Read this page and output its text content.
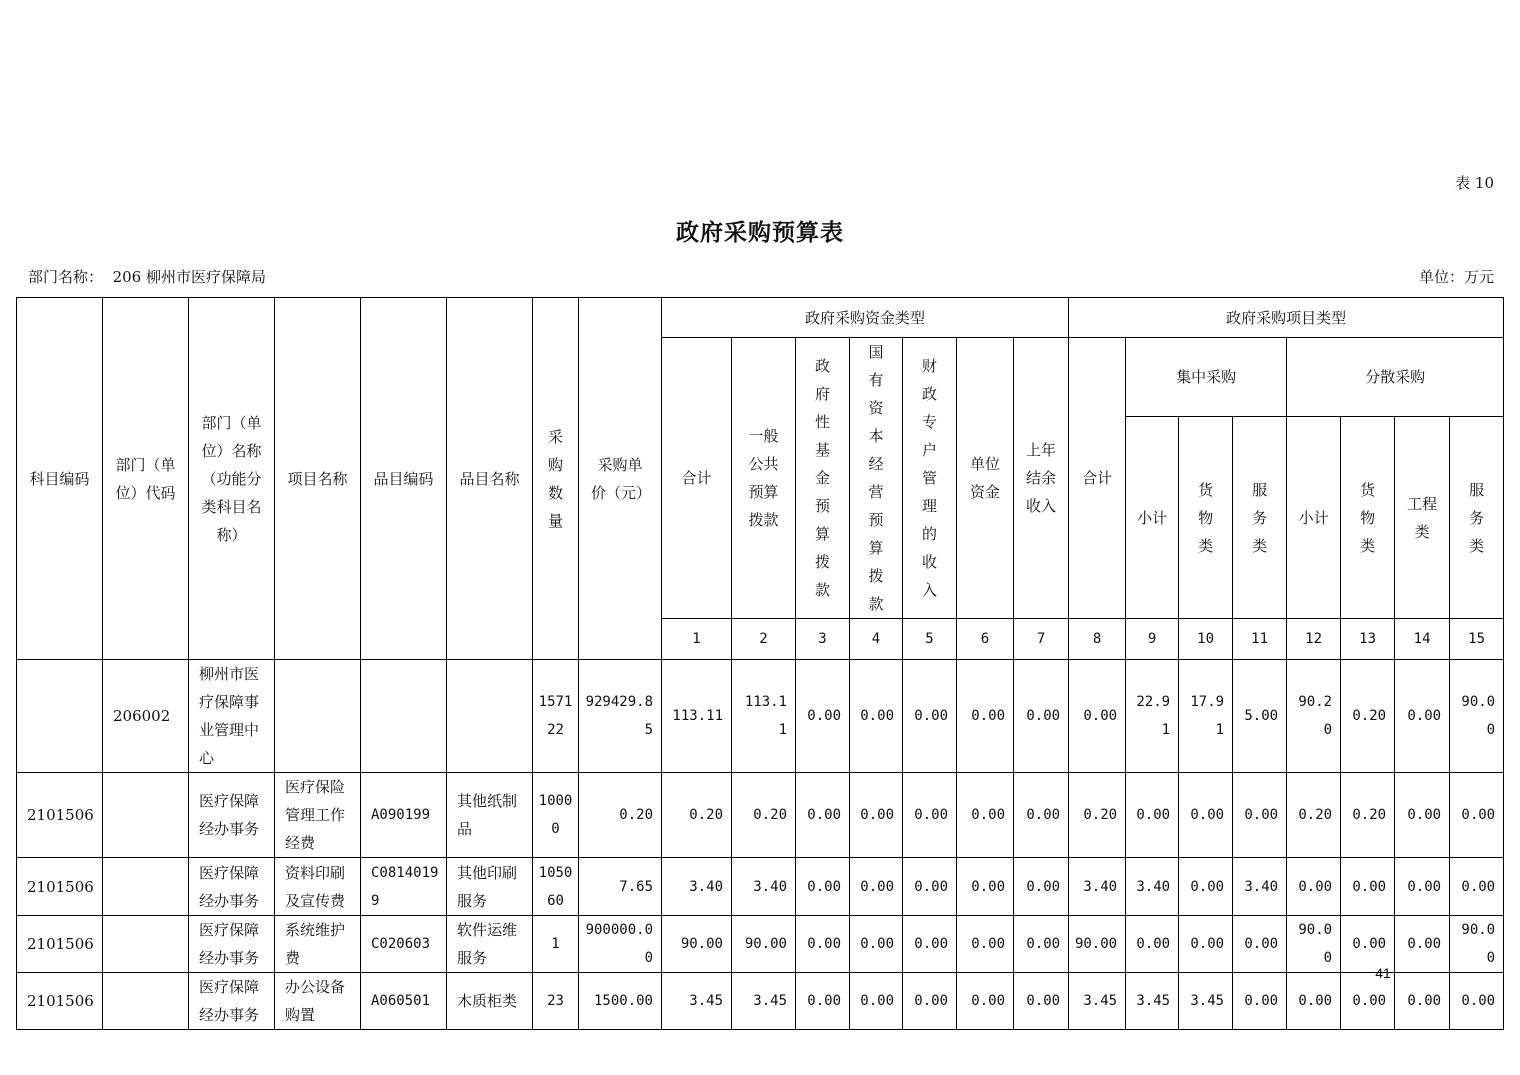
表 10
政府采购预算表
部门名称： 206 柳州市医疗保障局	单位：万元
科目编码	部门（单位）代码	部门（单位）名称（功能分类科目名称）	项目名称	品目编码	品目名称	采购数量	采购单价（元）	政府采购资金类型							政府采购项目类型							
								合计	一般公共预算拨款	政府性基金预算拨款	国有资本经营预算拨款	财政专户管理的收入	单位资金	上年结余收入	合计	集中采购			分散采购			
																小计	货物类	服务类	小计	货物类	工程类	服务类
								1	2	3	4	5	6	7	8	9	10	11	12	13	14	15
	206002	柳州市医疗保障事业管理中心				157122	929429.85	113.11	113.11	0.00	0.00	0.00	0.00	0.00	0.00	22.91	17.91	5.00	90.20	0.20	0.00	90.00
2101506		医疗保障经办事务	医疗保险管理工作经费	A090199	其他纸制品	10000	0.20	0.20	0.20	0.00	0.00	0.00	0.00	0.00	0.20	0.00	0.00	0.00	0.20	0.20	0.00	0.00
2101506		医疗保障经办事务	资料印刷及宣传费	C08140199	其他印刷服务	105060	7.65	3.40	3.40	0.00	0.00	0.00	0.00	0.00	3.40	3.40	0.00	3.40	0.00	0.00	0.00	0.00
2101506		医疗保障经办事务	系统维护费	C020603	软件运维服务	1	900000.00	90.00	90.00	0.00	0.00	0.00	0.00	0.00	90.00	0.00	0.00	0.00	90.00	0.00	0.00	90.00
2101506		医疗保障经办事务	办公设备购置	A060501	木质柜类	23	1500.00	3.45	3.45	0.00	0.00	0.00	0.00	0.00	3.45	3.45	3.45	0.00	0.00	0.00	0.00	0.00
41
